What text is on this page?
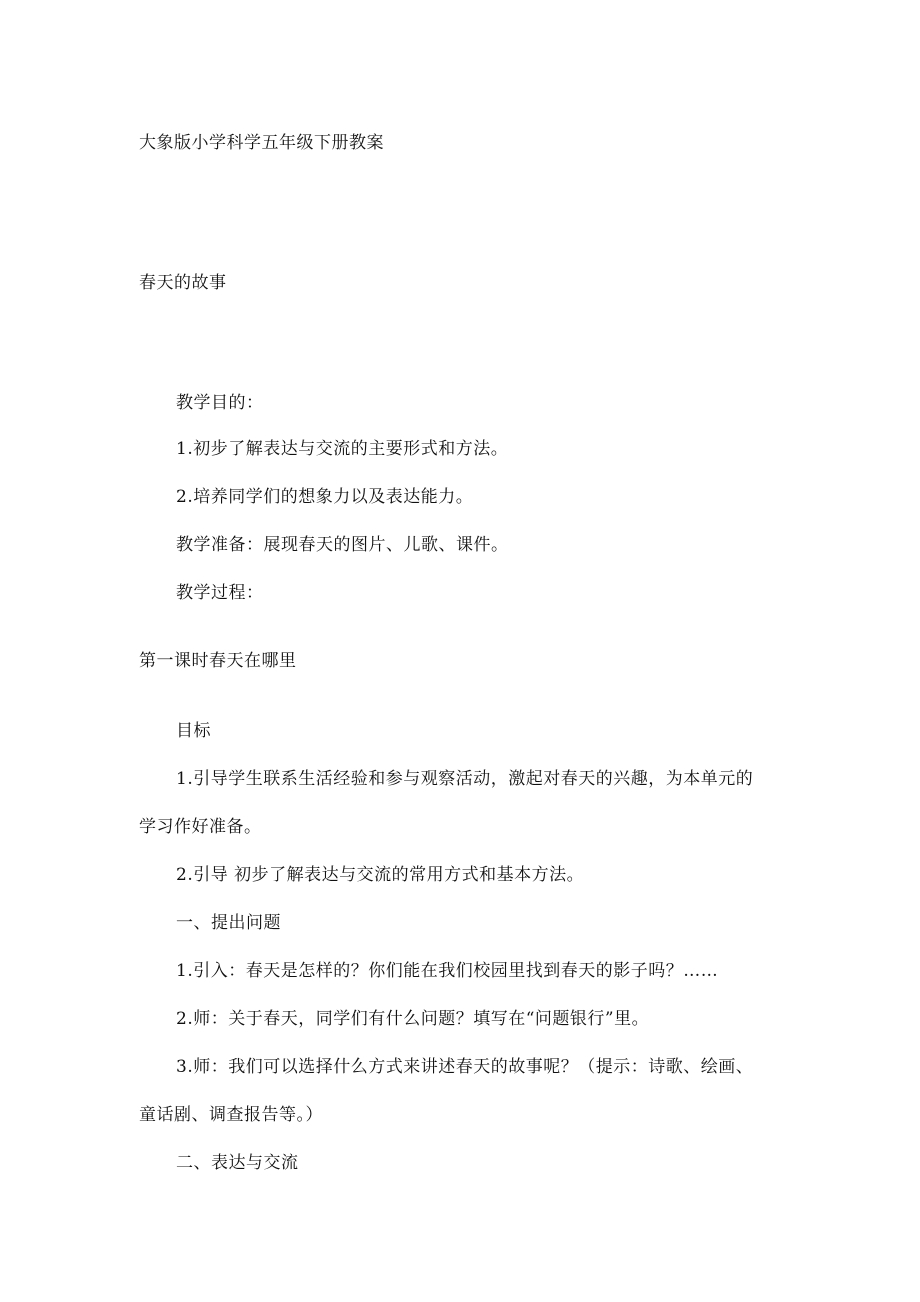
大象版小学科学五年级下册教案
春天的故事
教学目的：
1.初步了解表达与交流的主要形式和方法。
2.培养同学们的想象力以及表达能力。
教学准备：展现春天的图片、儿歌、课件。
教学过程：
第一课时春天在哪里
目标
1.引导学生联系生活经验和参与观察活动，激起对春天的兴趣，为本单元的
学习作好准备。
2.引导 初步了解表达与交流的常用方式和基本方法。
一、提出问题
1.引入：春天是怎样的？你们能在我们校园里找到春天的影子吗？……
2.师：关于春天，同学们有什么问题？填写在“问题银行”里。
3.师：我们可以选择什么方式来讲述春天的故事呢？（提示：诗歌、绘画、
童话剧、调查报告等。）
二、表达与交流
